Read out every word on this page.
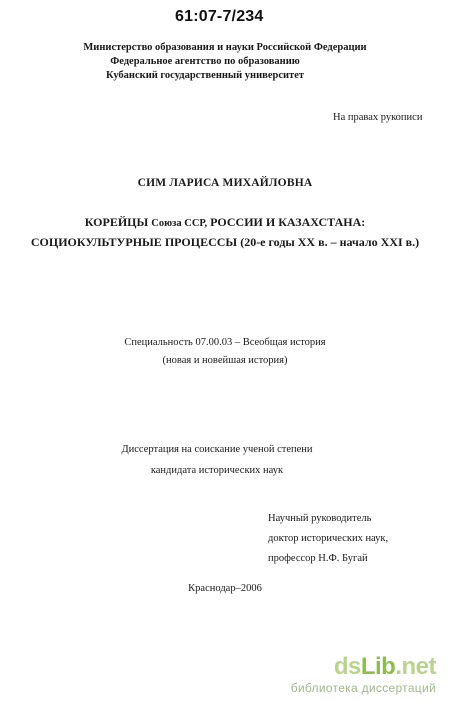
61:07-7/234
Министерство образования и науки Российской Федерации
Федеральное агентство по образованию
Кубанский государственный университет
На правах рукописи
СИМ ЛАРИСА МИХАЙЛОВНА
КОРЕЙЦЫ Союза ССР, РОССИИ И КАЗАХСТАНА:
СОЦИОКУЛЬТУРНЫЕ ПРОЦЕССЫ (20-е годы XX в. – начало XXI в.)
Специальность 07.00.03 – Всеобщая история
(новая и новейшая история)
Диссертация на соискание ученой степени
кандидата исторических наук
Научный руководитель
доктор исторических наук,
профессор Н.Ф. Бугай
Краснодар–2006
dsLib.net
библиотека диссертаций
